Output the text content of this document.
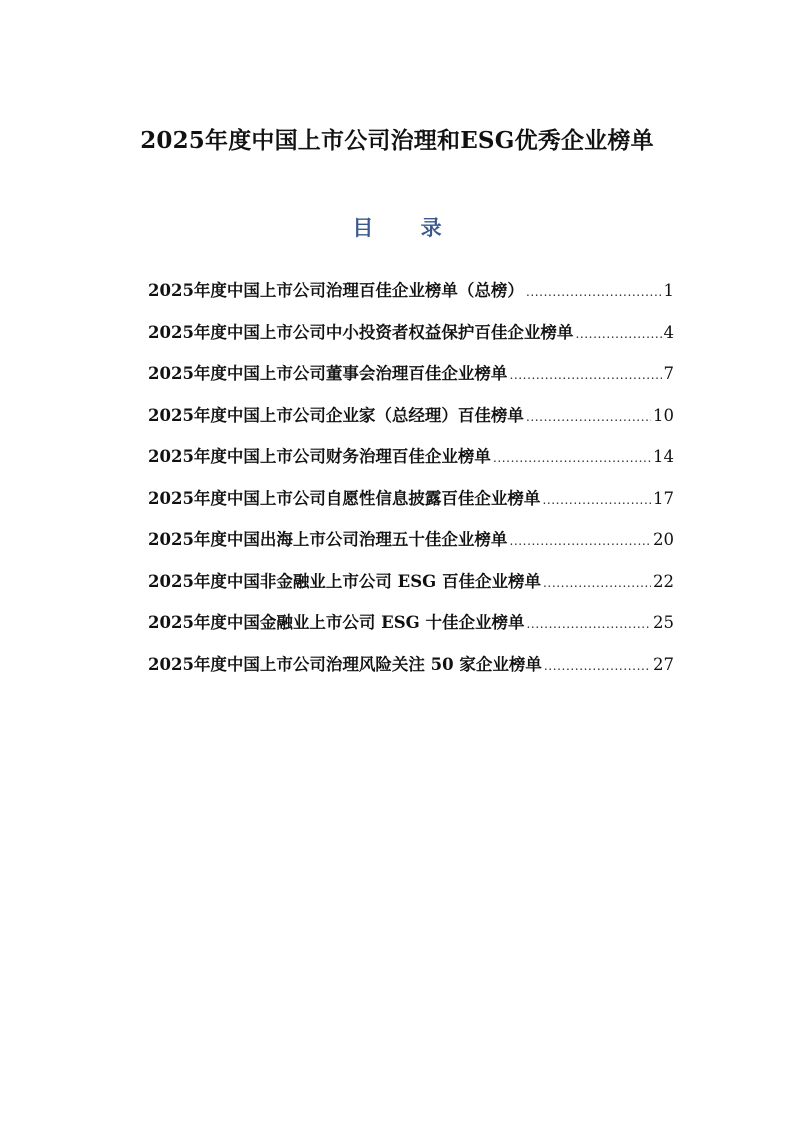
2025年度中国上市公司治理和ESG优秀企业榜单
目 录
2025年度中国上市公司治理百佳企业榜单（总榜） .....	1
2025年度中国上市公司中小投资者权益保护百佳企业榜单 .....	4
2025年度中国上市公司董事会治理百佳企业榜单 .....	7
2025年度中国上市公司企业家（总经理）百佳榜单 .....	10
2025年度中国上市公司财务治理百佳企业榜单 .....	14
2025年度中国上市公司自愿性信息披露百佳企业榜单 .....	17
2025年度中国出海上市公司治理五十佳企业榜单 .....	20
2025年度中国非金融业上市公司 ESG 百佳企业榜单 .....	22
2025年度中国金融业上市公司 ESG 十佳企业榜单 .....	25
2025年度中国上市公司治理风险关注 50 家企业榜单 .....	27
